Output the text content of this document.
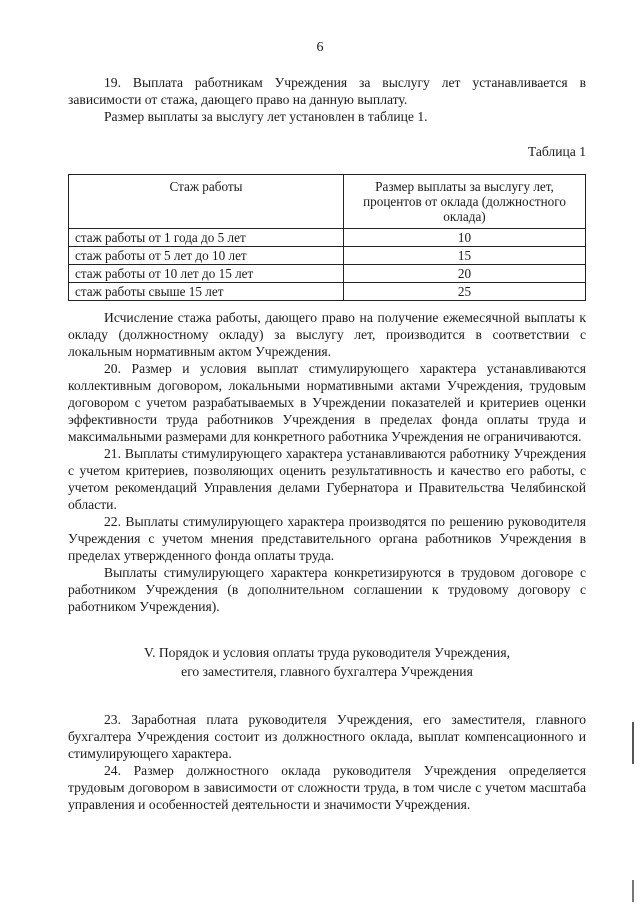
6

19. Выплата работникам Учреждения за выслугу лет устанавливается в зависимости от стажа, дающего право на данную выплату.

Размер выплаты за выслугу лет установлен в таблице 1.

Таблица 1
Стаж работы	Размер выплаты за выслугу лет, процентов от оклада (должностного оклада)
стаж работы от 1 года до 5 лет	10
стаж работы от 5 лет до 10 лет	15
стаж работы от 10 лет до 15 лет	20
стаж работы свыше 15 лет	25

Исчисление стажа работы, дающего право на получение ежемесячной выплаты к окладу (должностному окладу) за выслугу лет, производится в соответствии с локальным нормативным актом Учреждения.

20. Размер и условия выплат стимулирующего характера устанавливаются коллективным договором, локальными нормативными актами Учреждения, трудовым договором с учетом разрабатываемых в Учреждении показателей и критериев оценки эффективности труда работников Учреждения в пределах фонда оплаты труда и максимальными размерами для конкретного работника Учреждения не ограничиваются.

21. Выплаты стимулирующего характера устанавливаются работнику Учреждения с учетом критериев, позволяющих оценить результативность и качество его работы, с учетом рекомендаций Управления делами Губернатора и Правительства Челябинской области.

22. Выплаты стимулирующего характера производятся по решению руководителя Учреждения с учетом мнения представительного органа работников Учреждения в пределах утвержденного фонда оплаты труда.

Выплаты стимулирующего характера конкретизируются в трудовом договоре с работником Учреждения (в дополнительном соглашении к трудовому договору с работником Учреждения).

V. Порядок и условия оплаты труда руководителя Учреждения,
его заместителя, главного бухгалтера Учреждения

23. Заработная плата руководителя Учреждения, его заместителя, главного бухгалтера Учреждения состоит из должностного оклада, выплат компенсационного и стимулирующего характера.

24. Размер должностного оклада руководителя Учреждения определяется трудовым договором в зависимости от сложности труда, в том числе с учетом масштаба управления и особенностей деятельности и значимости Учреждения.
